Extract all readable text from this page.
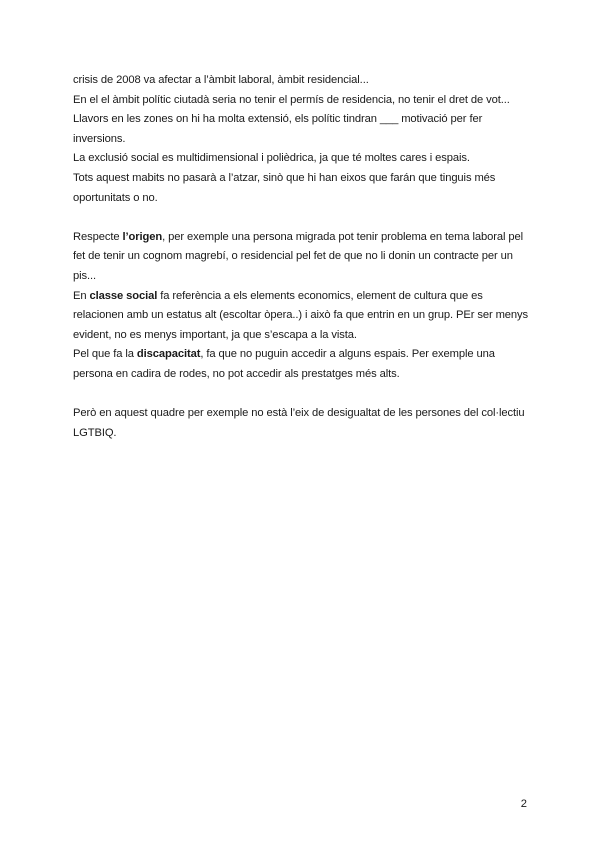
crisis de 2008 va afectar a l’àmbit laboral, àmbit residencial...

En el el àmbit polític ciutadà seria no tenir el permís de residencia, no tenir el dret de vot...

Llavors en les zones on hi ha molta extensió, els polític tindran ___ motivació per fer inversions.

La exclusió social es multidimensional i polièdrica, ja que té moltes cares i espais.

Tots aquest mabits no pasarà a l’atzar, sinò que hi han eixos que farán que tinguis més oportunitats o no.

Respecte l’origen, per exemple una persona migrada pot tenir problema en tema laboral pel fet de tenir un cognom magrebí, o residencial pel fet de que no li donin un contracte per un pis...

En classe social fa referència a els elements economics, element de cultura que es relacionen amb un estatus alt (escoltar òpera..) i això fa que entrin en un grup. PEr ser menys evident, no es menys important, ja que s’escapa a la vista.

Pel que fa la discapacitat, fa que no puguin accedir a alguns espais. Per exemple una persona en cadira de rodes, no pot accedir als prestatges més alts.

Però en aquest quadre per exemple no està l’eix de desigualtat de les persones del col·lectiu LGTBIQ.

2
